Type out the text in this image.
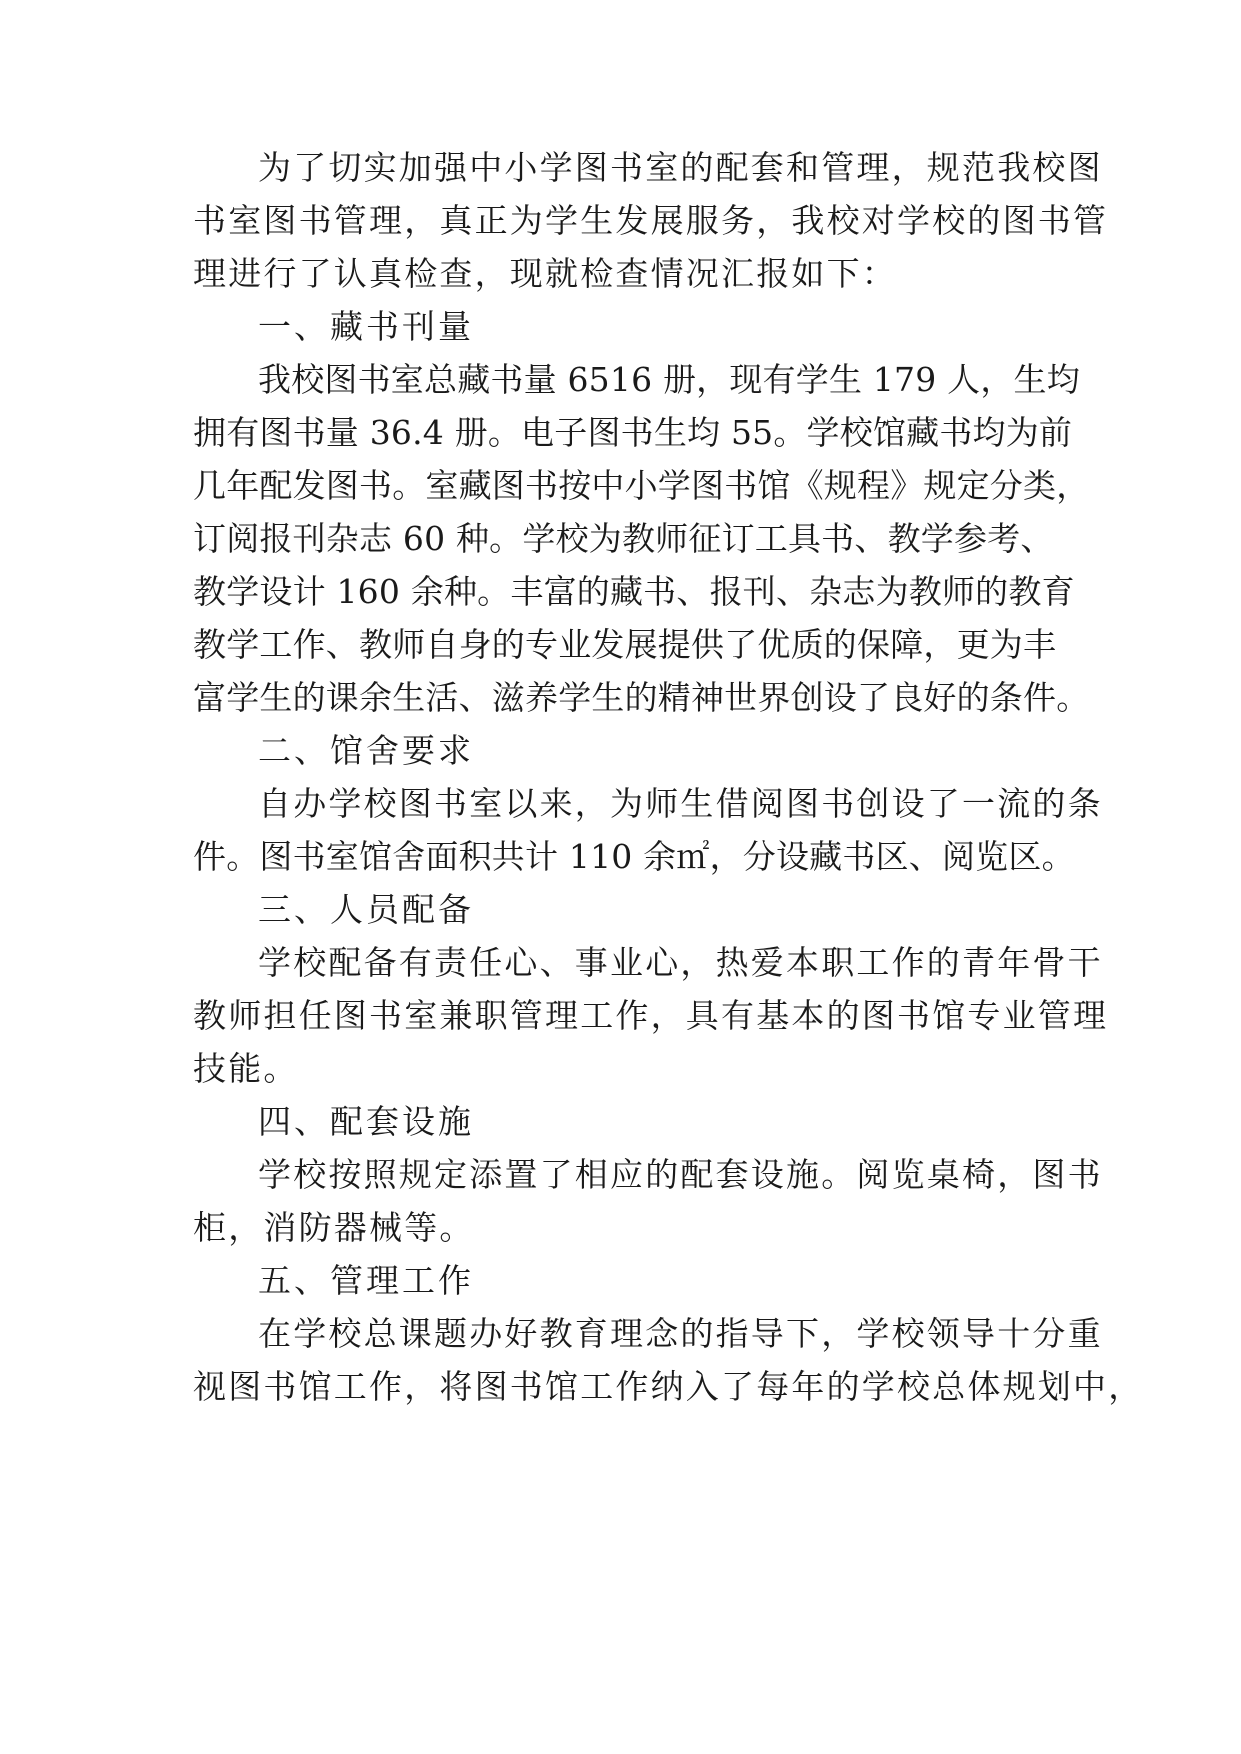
为了切实加强中小学图书室的配套和管理，规范我校图
书室图书管理，真正为学生发展服务，我校对学校的图书管
理进行了认真检查，现就检查情况汇报如下：
一、藏书刊量
我校图书室总藏书量 6516 册，现有学生 179 人，生均
拥有图书量 36.4 册。电子图书生均 55。学校馆藏书均为前
几年配发图书。室藏图书按中小学图书馆《规程》规定分类，
订阅报刊杂志 60 种。学校为教师征订工具书、教学参考、
教学设计 160 余种。丰富的藏书、报刊、杂志为教师的教育
教学工作、教师自身的专业发展提供了优质的保障，更为丰
富学生的课余生活、滋养学生的精神世界创设了良好的条件。
二、馆舍要求
自办学校图书室以来，为师生借阅图书创设了一流的条
件。图书室馆舍面积共计 110 余㎡，分设藏书区、阅览区。
三、人员配备
学校配备有责任心、事业心，热爱本职工作的青年骨干
教师担任图书室兼职管理工作，具有基本的图书馆专业管理
技能。
四、配套设施
学校按照规定添置了相应的配套设施。阅览桌椅，图书
柜，消防器械等。
五、管理工作
在学校总课题办好教育理念的指导下，学校领导十分重
视图书馆工作，将图书馆工作纳入了每年的学校总体规划中，
